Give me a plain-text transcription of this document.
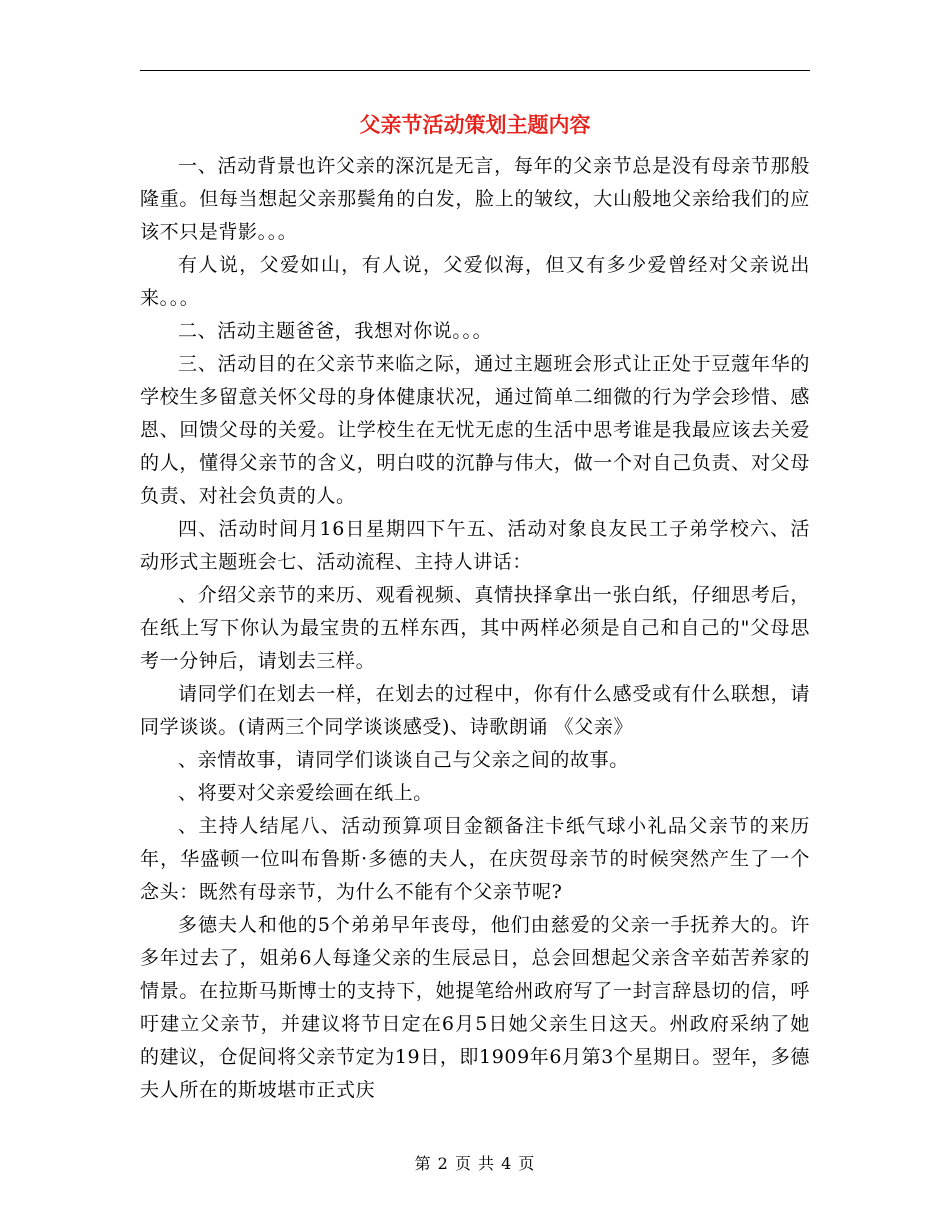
父亲节活动策划主题内容

一、活动背景也许父亲的深沉是无言，每年的父亲节总是没有母亲节那般隆重。但每当想起父亲那鬓角的白发，脸上的皱纹，大山般地父亲给我们的应该不只是背影。。。

有人说，父爱如山，有人说，父爱似海，但又有多少爱曾经对父亲说出来。。。

二、活动主题爸爸，我想对你说。。。

三、活动目的在父亲节来临之际，通过主题班会形式让正处于豆蔻年华的学校生多留意关怀父母的身体健康状况，通过简单二细微的行为学会珍惜、感恩、回馈父母的关爱。让学校生在无忧无虑的生活中思考谁是我最应该去关爱的人，懂得父亲节的含义，明白哎的沉静与伟大，做一个对自己负责、对父母负责、对社会负责的人。

四、活动时间月16日星期四下午五、活动对象良友民工子弟学校六、活动形式主题班会七、活动流程、主持人讲话：

、介绍父亲节的来历、观看视频、真情抉择拿出一张白纸，仔细思考后，在纸上写下你认为最宝贵的五样东西，其中两样必须是自己和自己的"父母思考一分钟后，请划去三样。

请同学们在划去一样，在划去的过程中，你有什么感受或有什么联想，请同学谈谈。(请两三个同学谈谈感受)、诗歌朗诵 《父亲》

、亲情故事，请同学们谈谈自己与父亲之间的故事。

、将要对父亲爱绘画在纸上。

、主持人结尾八、活动预算项目金额备注卡纸气球小礼品父亲节的来历年，华盛顿一位叫布鲁斯·多德的夫人，在庆贺母亲节的时候突然产生了一个念头：既然有母亲节，为什么不能有个父亲节呢?

多德夫人和他的5个弟弟早年丧母，他们由慈爱的父亲一手抚养大的。许多年过去了，姐弟6人每逢父亲的生辰忌日，总会回想起父亲含辛茹苦养家的情景。在拉斯马斯博士的支持下，她提笔给州政府写了一封言辞恳切的信，呼吁建立父亲节，并建议将节日定在6月5日她父亲生日这天。州政府采纳了她的建议，仓促间将父亲节定为19日，即1909年6月第3个星期日。翌年，多德夫人所在的斯坡堪市正式庆

第 2 页 共 4 页
